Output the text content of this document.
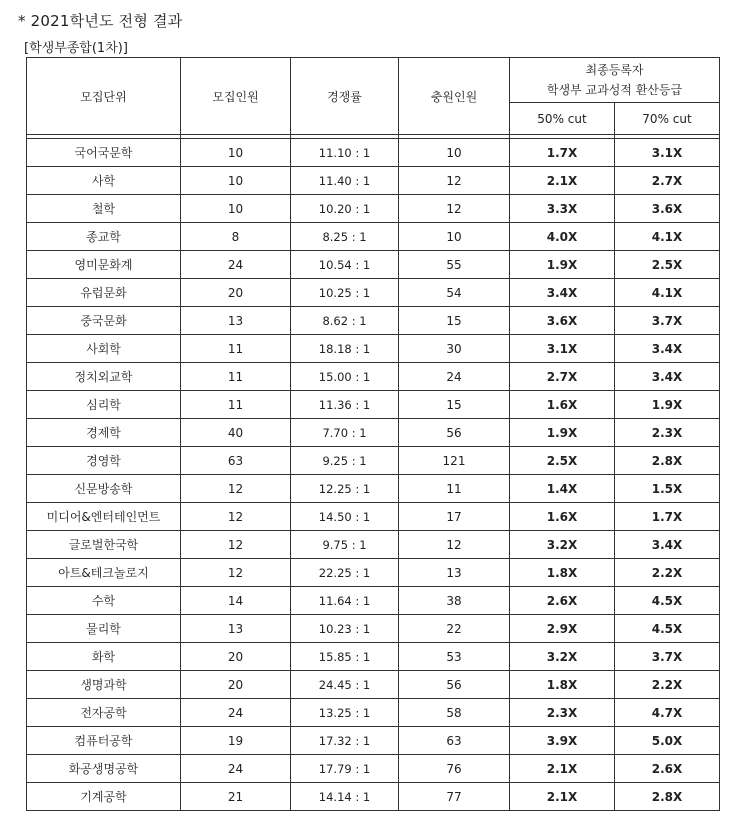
* 2021학년도 전형 결과
[학생부종합(1차)]
모집단위	모집인원	경쟁률	충원인원	최종등록자
학생부 교과성적 환산등급	

				50% cut	70% cut

국어국문학	10	11.10 : 1	10	1.7X	3.1X
사학	10	11.40 : 1	12	2.1X	2.7X
철학	10	10.20 : 1	12	3.3X	3.6X
종교학	8	8.25 : 1	10	4.0X	4.1X
영미문화계	24	10.54 : 1	55	1.9X	2.5X
유럽문화	20	10.25 : 1	54	3.4X	4.1X
중국문화	13	8.62 : 1	15	3.6X	3.7X
사회학	11	18.18 : 1	30	3.1X	3.4X
정치외교학	11	15.00 : 1	24	2.7X	3.4X
심리학	11	11.36 : 1	15	1.6X	1.9X
경제학	40	7.70 : 1	56	1.9X	2.3X
경영학	63	9.25 : 1	121	2.5X	2.8X
신문방송학	12	12.25 : 1	11	1.4X	1.5X
미디어&엔터테인먼트	12	14.50 : 1	17	1.6X	1.7X
글로벌한국학	12	9.75 : 1	12	3.2X	3.4X
아트&테크놀로지	12	22.25 : 1	13	1.8X	2.2X
수학	14	11.64 : 1	38	2.6X	4.5X
물리학	13	10.23 : 1	22	2.9X	4.5X
화학	20	15.85 : 1	53	3.2X	3.7X
생명과학	20	24.45 : 1	56	1.8X	2.2X
전자공학	24	13.25 : 1	58	2.3X	4.7X
컴퓨터공학	19	17.32 : 1	63	3.9X	5.0X
화공생명공학	24	17.79 : 1	76	2.1X	2.6X
기계공학	21	14.14 : 1	77	2.1X	2.8X
